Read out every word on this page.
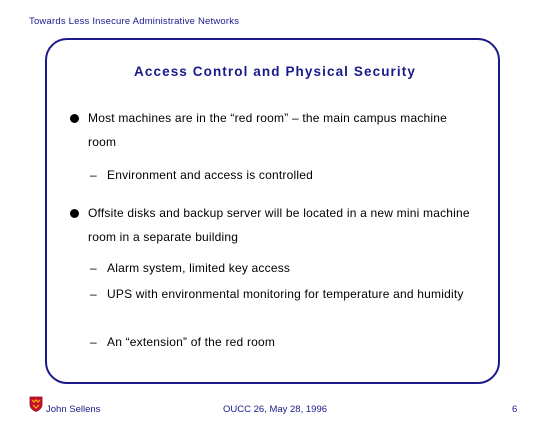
Towards Less Insecure Administrative Networks
Access Control and Physical Security
Most machines are in the “red room” – the main campus machine room
– Environment and access is controlled
Offsite disks and backup server will be located in a new mini machine room in a separate building
– Alarm system, limited key access
– UPS with environmental monitoring for temperature and humidity
– An “extension” of the red room
John Sellens	OUCC 26, May 28, 1996	6
